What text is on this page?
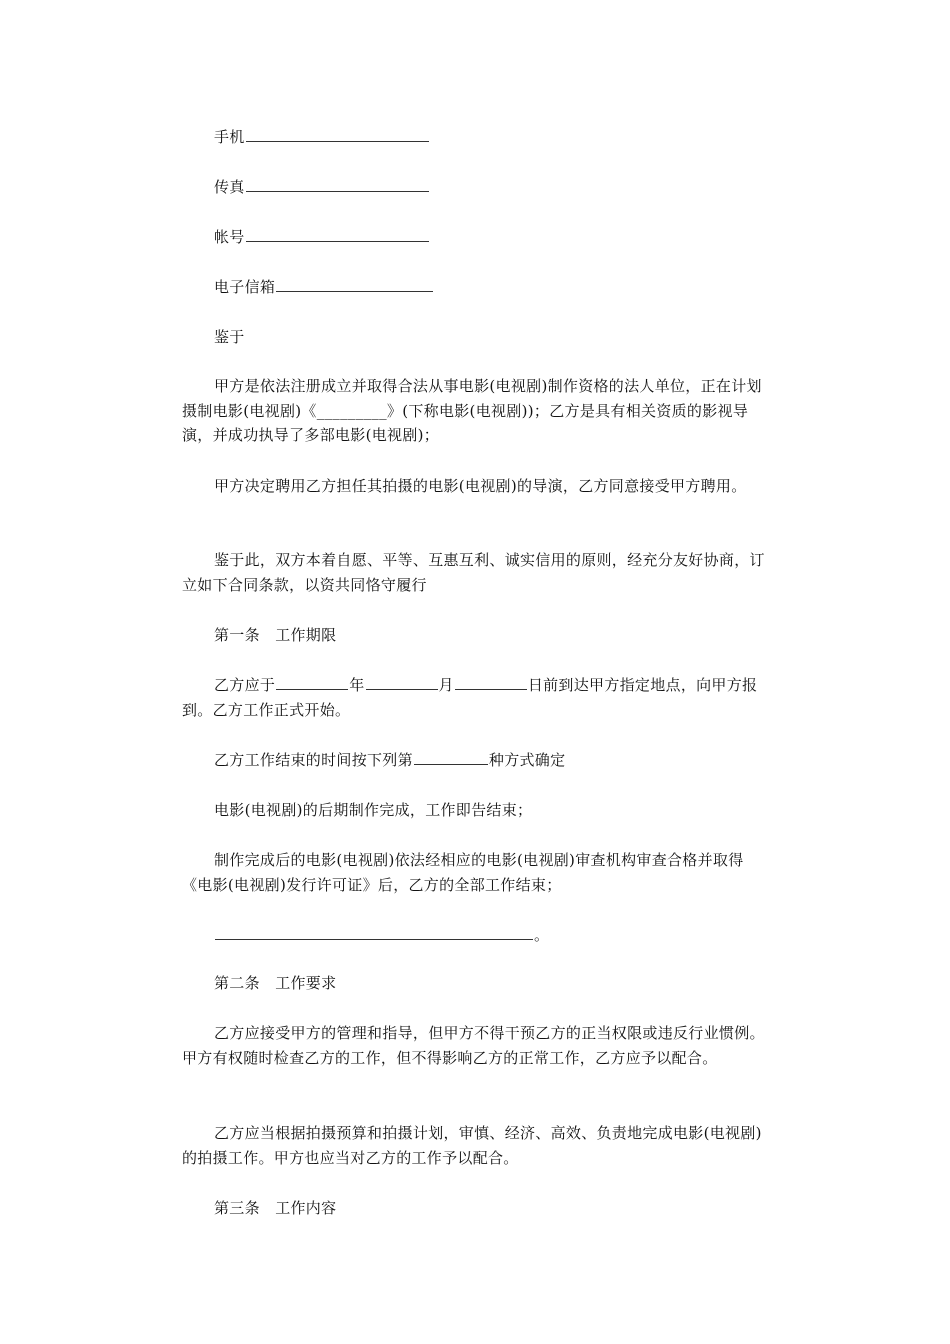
手机

传真

帐号

电子信箱

鉴于

甲方是依法注册成立并取得合法从事电影(电视剧)制作资格的法人单位，正在计划摄制电影(电视剧)《_________》(下称电影(电视剧))；乙方是具有相关资质的影视导演，并成功执导了多部电影(电视剧)；

甲方决定聘用乙方担任其拍摄的电影(电视剧)的导演，乙方同意接受甲方聘用。

鉴于此，双方本着自愿、平等、互惠互利、诚实信用的原则，经充分友好协商，订立如下合同条款，以资共同恪守履行

第一条　工作期限

乙方应于	年	月	日前到达甲方指定地点，向甲方报到。乙方工作正式开始。

乙方工作结束的时间按下列第	种方式确定

电影(电视剧)的后期制作完成，工作即告结束；

制作完成后的电影(电视剧)依法经相应的电影(电视剧)审查机构审查合格并取得《电影(电视剧)发行许可证》后，乙方的全部工作结束；

。

第二条　工作要求

乙方应接受甲方的管理和指导，但甲方不得干预乙方的正当权限或违反行业惯例。甲方有权随时检查乙方的工作，但不得影响乙方的正常工作，乙方应予以配合。

乙方应当根据拍摄预算和拍摄计划，审慎、经济、高效、负责地完成电影(电视剧)的拍摄工作。甲方也应当对乙方的工作予以配合。

第三条　工作内容
